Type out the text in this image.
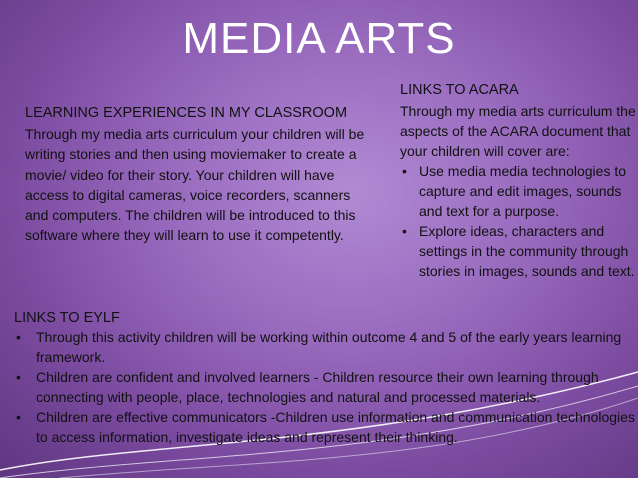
MEDIA ARTS
LEARNING EXPERIENCES IN MY CLASSROOM
Through my media arts curriculum your children will be writing stories and then using moviemaker to create a movie/ video for their story. Your children will have access to digital cameras, voice recorders, scanners and computers. The children will be introduced to this software where they will learn to use it competently.
LINKS TO ACARA
Through my media arts curriculum the aspects of the ACARA document that your children will cover are:
• Use media media technologies to capture and edit images, sounds and text for a purpose.
• Explore ideas, characters and settings in the community through stories in images, sounds and text.
LINKS TO EYLF
• Through this activity children will be working within outcome 4 and 5 of the early years learning framework.
• Children are confident and involved learners - Children resource their own learning through connecting with people, place, technologies and natural and processed materials.
• Children are effective communicators -Children use information and communication technologies to access information, investigate ideas and represent their thinking.
